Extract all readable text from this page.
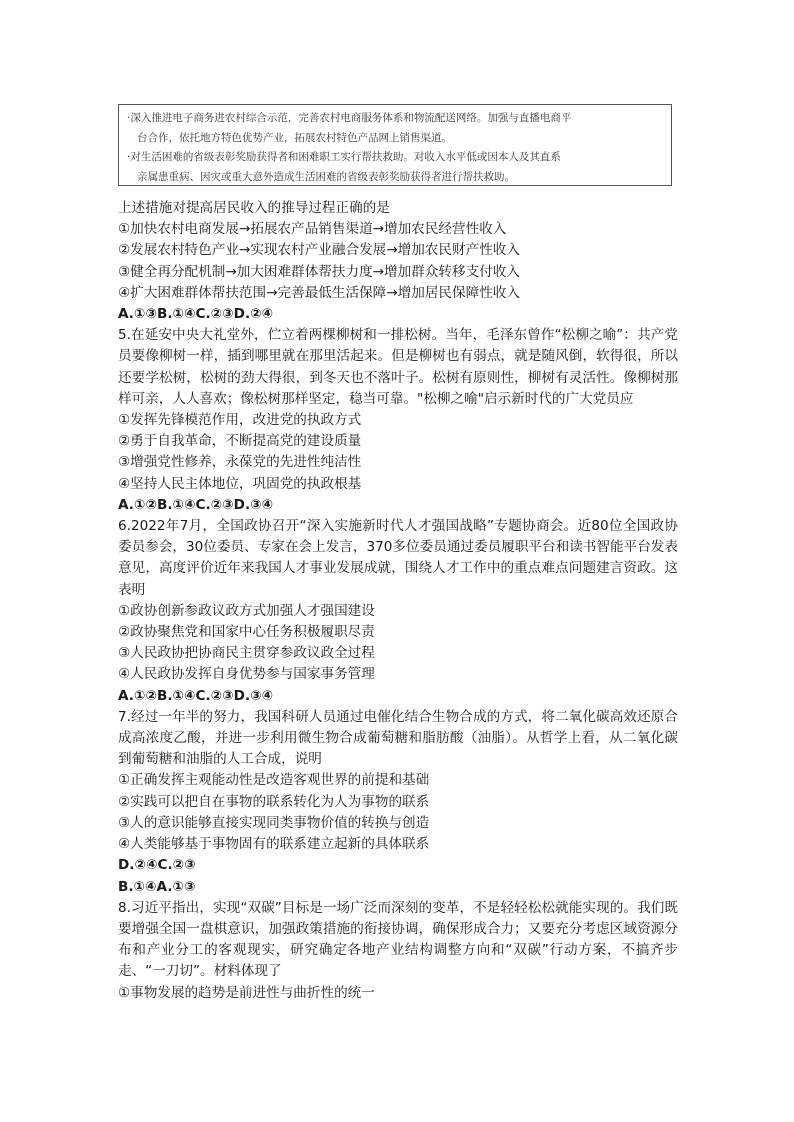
·深入推进电子商务进农村综合示范，完善农村电商服务体系和物流配送网络。加强与直播电商平

台合作，依托地方特色优势产业，拓展农村特色产品网上销售渠道。

·对生活困难的省级表彰奖励获得者和困难职工实行帮扶救助。对收入水平低或因本人及其直系

亲属患重病、因灾或重大意外造成生活困难的省级表彰奖励获得者进行帮扶救助。

上述措施对提高居民收入的推导过程正确的是

①加快农村电商发展→拓展农产品销售渠道→增加农民经营性收入

②发展农村特色产业→实现农村产业融合发展→增加农民财产性收入

③健全再分配机制→加大困难群体帮扶力度→增加群众转移支付收入

④扩大困难群体帮扶范围→完善最低生活保障→增加居民保障性收入

A.①③B.①④C.②③D.②④

5.在延安中央大礼堂外，伫立着两棵柳树和一排松树。当年，毛泽东曾作“松柳之喻”：共产党员要像柳树一样，插到哪里就在那里活起来。但是柳树也有弱点，就是随风倒，软得很，所以还要学松树，松树的劲大得很，到冬天也不落叶子。松树有原则性，柳树有灵活性。像柳树那样可亲，人人喜欢；像松树那样坚定，稳当可靠。"松柳之喻"启示新时代的广大党员应

①发挥先锋模范作用，改进党的执政方式

②勇于自我革命，不断提高党的建设质量

③增强党性修养，永葆党的先进性纯洁性

④坚持人民主体地位，巩固党的执政根基

A.①②B.①④C.②③D.③④

6.2022年7月，全国政协召开“深入实施新时代人才强国战略”专题协商会。近80位全国政协委员参会，30位委员、专家在会上发言，370多位委员通过委员履职平台和读书智能平台发表意见，高度评价近年来我国人才事业发展成就，围绕人才工作中的重点难点问题建言资政。这表明

①政协创新参政议政方式加强人才强国建设

②政协聚焦党和国家中心任务积极履职尽责

③人民政协把协商民主贯穿参政议政全过程

④人民政协发挥自身优势参与国家事务管理

A.①②B.①④C.②③D.③④

7.经过一年半的努力，我国科研人员通过电催化结合生物合成的方式，将二氧化碳高效还原合成高浓度乙酸，并进一步利用微生物合成葡萄糖和脂肪酸（油脂）。从哲学上看，从二氧化碳到葡萄糖和油脂的人工合成，说明

①正确发挥主观能动性是改造客观世界的前提和基础

②实践可以把自在事物的联系转化为人为事物的联系

③人的意识能够直接实现同类事物价值的转换与创造

④人类能够基于事物固有的联系建立起新的具体联系

D.②④C.②③

B.①④A.①③

8.习近平指出，实现“双碳”目标是一场广泛而深刻的变革，不是轻轻松松就能实现的。我们既要增强全国一盘棋意识，加强政策措施的衔接协调，确保形成合力；又要充分考虑区域资源分布和产业分工的客观现实，研究确定各地产业结构调整方向和“双碳”行动方案，不搞齐步走、“一刀切”。材料体现了

①事物发展的趋势是前进性与曲折性的统一
